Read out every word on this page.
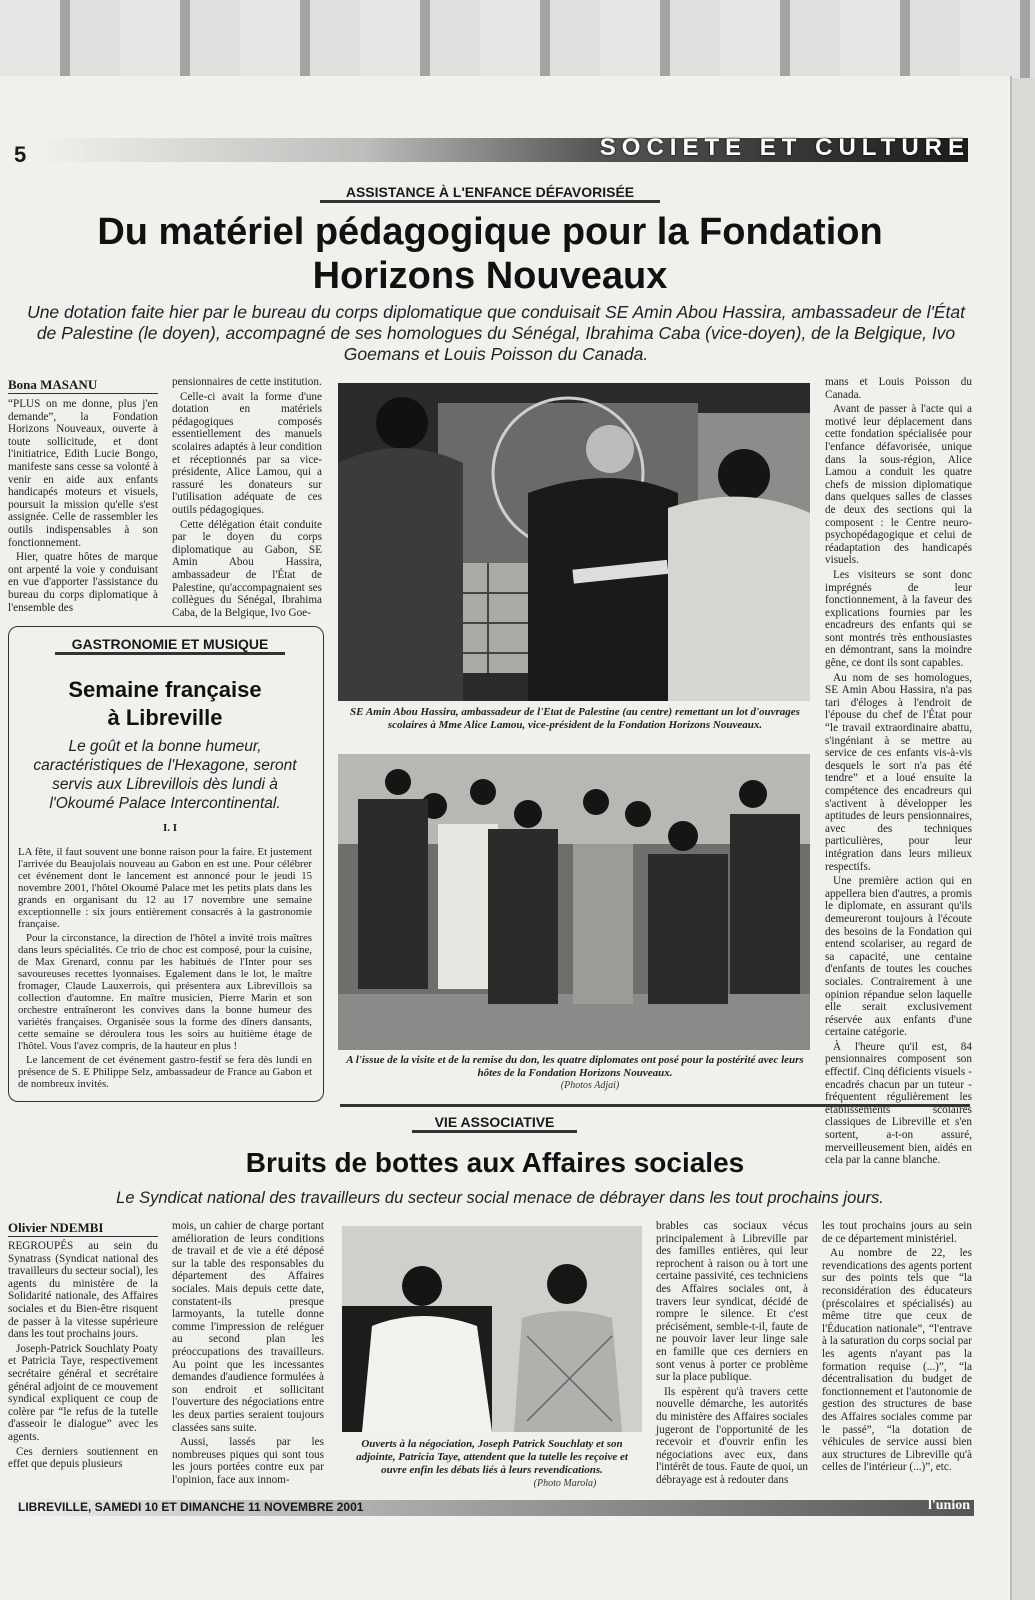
5	SOCIETE ET CULTURE
ASSISTANCE À L'ENFANCE DÉFAVORISÉE
Du matériel pédagogique pour la Fondation
Horizons Nouveaux
Une dotation faite hier par le bureau du corps diplomatique que conduisait SE Amin Abou Hassira, ambassadeur de l'État de Palestine (le doyen), accompagné de ses homologues du Sénégal, Ibrahima Caba (vice-doyen), de la Belgique, Ivo Goemans et Louis Poisson du Canada.
Bona MASANU

“PLUS on me donne, plus j'en demande”, la Fondation Horizons Nouveaux, ouverte à toute sollicitude, et dont l'initiatrice, Edith Lucie Bongo, manifeste sans cesse sa volonté à venir en aide aux enfants handicapés moteurs et visuels, poursuit la mission qu'elle s'est assignée. Celle de rassembler les outils indispensables à son fonctionnement.

Hier, quatre hôtes de marque ont arpenté la voie y conduisant en vue d'apporter l'assistance du bureau du corps diplomatique à l'ensemble des

pensionnaires de cette institution.

Celle-ci avait la forme d'une dotation en matériels pédagogiques composés essentiellement des manuels scolaires adaptés à leur condition et réceptionnés par sa vice-présidente, Alice Lamou, qui a rassuré les donateurs sur l'utilisation adéquate de ces outils pédagogiques.

Cette délégation était conduite par le doyen du corps diplomatique au Gabon, SE Amin Abou Hassira, ambassadeur de l'État de Palestine, qu'accompagnaient ses collègues du Sénégal, Ibrahima Caba, de la Belgique, Ivo Goe-

SE Amin Abou Hassira, ambassadeur de l'Etat de Palestine (au centre) remettant un lot d'ouvrages scolaires à Mme Alice Lamou, vice-président de la Fondation Horizons Nouveaux.
A l'issue de la visite et de la remise du don, les quatre diplomates ont posé pour la postérité avec leurs hôtes de la Fondation Horizons Nouveaux.
(Photos Adjai)

mans et Louis Poisson du Canada.

Avant de passer à l'acte qui a motivé leur déplacement dans cette fondation spécialisée pour l'enfance défavorisée, unique dans la sous-région, Alice Lamou a conduit les quatre chefs de mission diplomatique dans quelques salles de classes de deux des sections qui la composent : le Centre neuro-psychopédagogique et celui de réadaptation des handicapés visuels.

Les visiteurs se sont donc imprégnés de leur fonctionnement, à la faveur des explications fournies par les encadreurs des enfants qui se sont montrés très enthousiastes en démontrant, sans la moindre gêne, ce dont ils sont capables.

Au nom de ses homologues, SE Amin Abou Hassira, n'a pas tari d'éloges à l'endroit de l'épouse du chef de l'État pour “le travail extraordinaire abattu, s'ingéniant à se mettre au service de ces enfants vis-à-vis desquels le sort n'a pas été tendre” et a loué ensuite la compétence des encadreurs qui s'activent à développer les aptitudes de leurs pensionnaires, avec des techniques particulières, pour leur intégration dans leurs milieux respectifs.

Une première action qui en appellera bien d'autres, a promis le diplomate, en assurant qu'ils demeureront toujours à l'écoute des besoins de la Fondation qui entend scolariser, au regard de sa capacité, une centaine d'enfants de toutes les couches sociales. Contrairement à une opinion répandue selon laquelle elle serait exclusivement réservée aux enfants d'une certaine catégorie.

À l'heure qu'il est, 84 pensionnaires composent son effectif. Cinq déficients visuels - encadrés chacun par un tuteur - fréquentent régulièrement les établissements scolaires classiques de Libreville et s'en sortent, a-t-on assuré, merveilleusement bien, aidés en cela par la canne blanche.

GASTRONOMIE ET MUSIQUE
Semaine française
à Libreville
Le goût et la bonne humeur, caractéristiques de l'Hexagone, seront servis aux Librevillois dès lundi à l'Okoumé Palace Intercontinental.
I. I

LA fête, il faut souvent une bonne raison pour la faire. Et justement l'arrivée du Beaujolais nouveau au Gabon en est une. Pour célébrer cet événement dont le lancement est annoncé pour le jeudi 15 novembre 2001, l'hôtel Okoumé Palace met les petits plats dans les grands en organisant du 12 au 17 novembre une semaine exceptionnelle : six jours entièrement consacrés à la gastronomie française.

Pour la circonstance, la direction de l'hôtel a invité trois maîtres dans leurs spécialités. Ce trio de choc est composé, pour la cuisine, de Max Grenard, connu par les habitués de l'Inter pour ses savoureuses recettes lyonnaises. Egalement dans le lot, le maître fromager, Claude Lauxerrois, qui présentera aux Librevillois sa collection d'automne. En maître musicien, Pierre Marin et son orchestre entraîneront les convives dans la bonne humeur des variétés françaises. Organisée sous la forme des dîners dansants, cette semaine se déroulera tous les soirs au huitième étage de l'hôtel. Vous l'avez compris, de la hauteur en plus !

Le lancement de cet événement gastro-festif se fera dès lundi en présence de S. E Philippe Selz, ambassadeur de France au Gabon et de nombreux invités.

VIE ASSOCIATIVE
Bruits de bottes aux Affaires sociales
Le Syndicat national des travailleurs du secteur social menace de débrayer dans les tout prochains jours.
Olivier NDEMBI

REGROUPÉS au sein du Synatrass (Syndicat national des travailleurs du secteur social), les agents du ministère de la Solidarité nationale, des Affaires sociales et du Bien-être risquent de passer à la vitesse supérieure dans les tout prochains jours.

Joseph-Patrick Souchlaty Poaty et Patricia Taye, respectivement secrétaire général et secrétaire général adjoint de ce mouvement syndical expliquent ce coup de colère par “le refus de la tutelle d'asseoir le dialogue” avec les agents.

Ces derniers soutiennent en effet que depuis plusieurs

mois, un cahier de charge portant amélioration de leurs conditions de travail et de vie a été déposé sur la table des responsables du département des Affaires sociales. Mais depuis cette date, constatent-ils presque larmoyants, la tutelle donne comme l'impression de reléguer au second plan les préoccupations des travailleurs. Au point que les incessantes demandes d'audience formulées à son endroit et sollicitant l'ouverture des négociations entre les deux parties seraient toujours classées sans suite.

Aussi, lassés par les nombreuses piques qui sont tous les jours portées contre eux par l'opinion, face aux innom-

Ouverts à la négociation, Joseph Patrick Souchlaty et son adjointe, Patricia Taye, attendent que la tutelle les reçoive et ouvre enfin les débats liés à leurs revendications.
(Photo Marola)

brables cas sociaux vécus principalement à Libreville par des familles entières, qui leur reprochent à raison ou à tort une certaine passivité, ces techniciens des Affaires sociales ont, à travers leur syndicat, décidé de rompre le silence. Et c'est précisément, semble-t-il, faute de ne pouvoir laver leur linge sale en famille que ces derniers en sont venus à porter ce problème sur la place publique.

Ils espèrent qu'à travers cette nouvelle démarche, les autorités du ministère des Affaires sociales jugeront de l'opportunité de les recevoir et d'ouvrir enfin les négociations avec eux, dans l'intérêt de tous. Faute de quoi, un débrayage est à redouter dans

les tout prochains jours au sein de ce département ministériel.

Au nombre de 22, les revendications des agents portent sur des points tels que “la reconsidération des éducateurs (préscolaires et spécialisés) au même titre que ceux de l'Éducation nationale”, “l'entrave à la saturation du corps social par les agents n'ayant pas la formation requise (...)”, “la décentralisation du budget de fonctionnement et l'autonomie de gestion des structures de base des Affaires sociales comme par le passé”, “la dotation de véhicules de service aussi bien aux structures de Libreville qu'à celles de l'intérieur (...)”, etc.

LIBREVILLE, SAMEDI 10 ET DIMANCHE 11 NOVEMBRE 2001	l'union
